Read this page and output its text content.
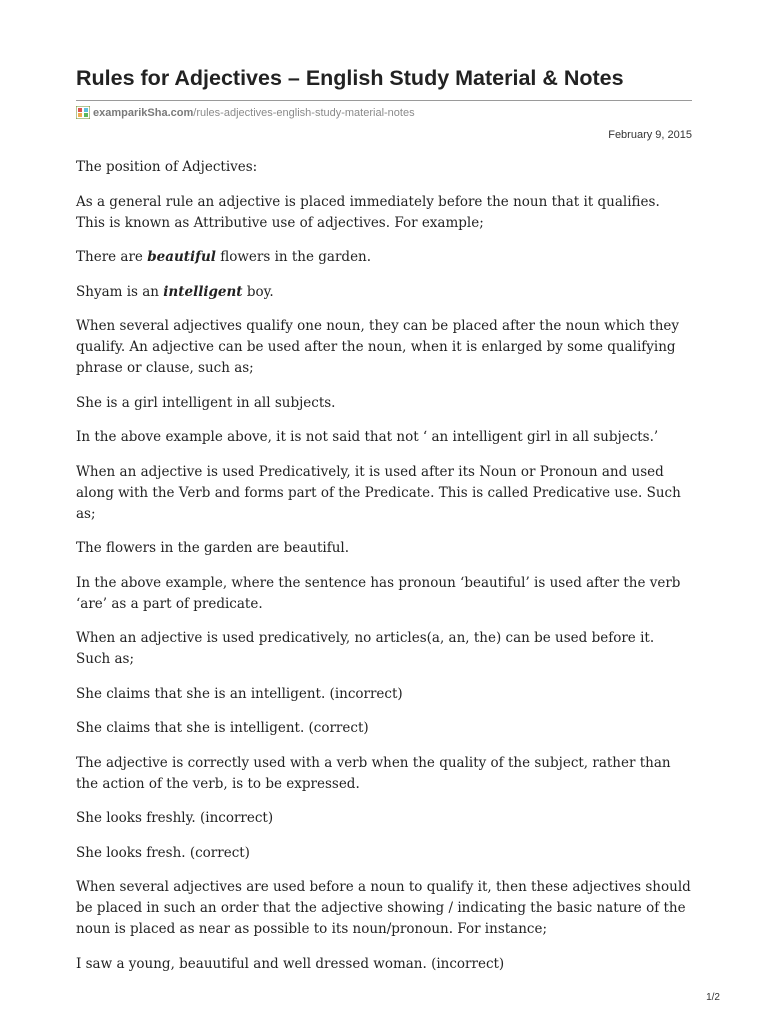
Rules for Adjectives – English Study Material & Notes
examparikSha.com /rules-adjectives-english-study-material-notes
February 9, 2015

The position of Adjectives:

As a general rule an adjective is placed immediately before the noun that it qualifies. This is known as Attributive use of adjectives. For example;

There are beautiful flowers in the garden.

Shyam is an intelligent boy.

When several adjectives qualify one noun, they can be placed after the noun which they qualify. An adjective can be used after the noun, when it is enlarged by some qualifying phrase or clause, such as;

She is a girl intelligent in all subjects.

In the above example above, it is not said that not ‘ an intelligent girl in all subjects.’

When an adjective is used Predicatively, it is used after its Noun or Pronoun and used along with the Verb and forms part of the Predicate. This is called Predicative use. Such as;

The flowers in the garden are beautiful.

In the above example, where the sentence has pronoun ‘beautiful’ is used after the verb ‘are’ as a part of predicate.

When an adjective is used predicatively, no articles(a, an, the) can be used before it. Such as;

She claims that she is an intelligent. (incorrect)

She claims that she is intelligent. (correct)

The adjective is correctly used with a verb when the quality of the subject, rather than the action of the verb, is to be expressed.

She looks freshly. (incorrect)

She looks fresh. (correct)

When several adjectives are used before a noun to qualify it, then these adjectives should be placed in such an order that the adjective showing / indicating the basic nature of the noun is placed as near as possible to its noun/pronoun. For instance;

I saw a young, beauutiful and well dressed woman. (incorrect)

1/2
